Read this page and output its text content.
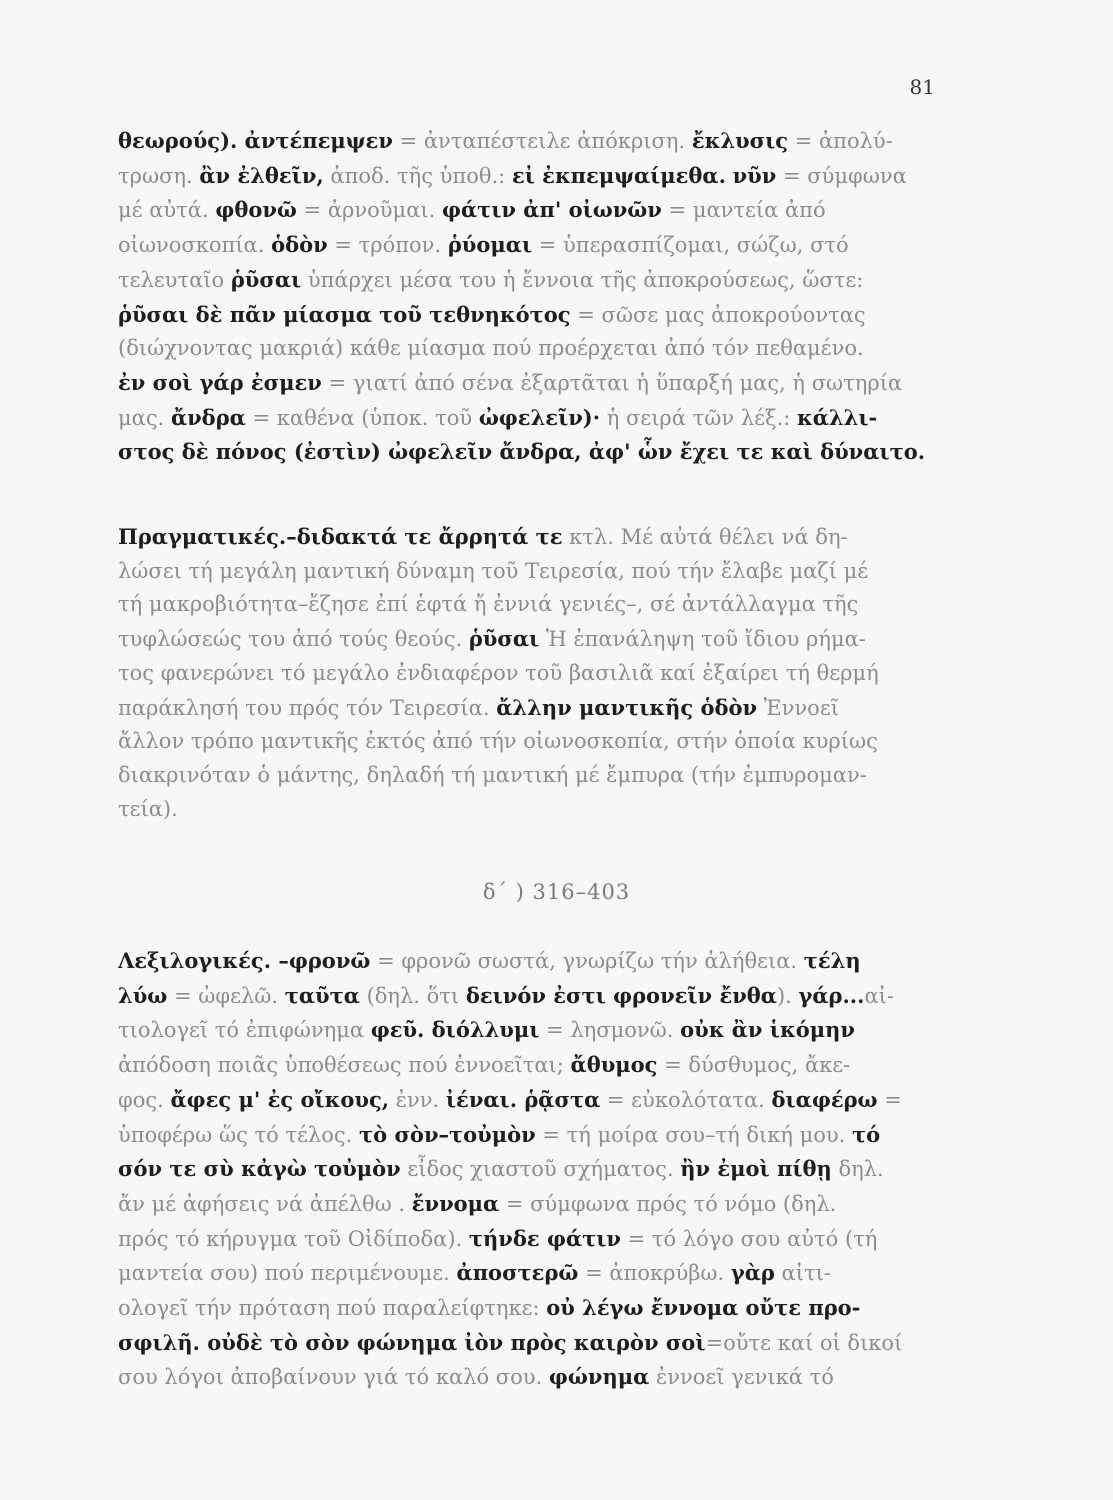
81
θεωρούς). ἀντέπεμψεν = ἀνταπέστειλε ἀπόκριση. ἔκλυσις = ἀπολύ-
τρωση. ἂν ἐλθεῖν, ἀποδ. τῆς ὑποθ.: εἰ ἐκπεμψαίμεθα. νῦν = σύμφωνα
μέ αὐτά. φθονῶ = ἀρνοῦμαι. φάτιν ἀπ' οἰωνῶν = μαντεία ἀπό
οἰωνοσκοπία. ὁδὸν = τρόπον. ῥύομαι = ὑπερασπίζομαι, σώζω, στό
τελευταῖο ῥῦσαι ὑπάρχει μέσα του ἡ ἔννοια τῆς ἀποκρούσεως, ὥστε:
ῥῦσαι δὲ πᾶν μίασμα τοῦ τεθνηκότος = σῶσε μας ἀποκρούοντας
(διώχνοντας μακριά) κάθε μίασμα πού προέρχεται ἀπό τόν πεθαμένο.
ἐν σοὶ γάρ ἐσμεν = γιατί ἀπό σένα ἐξαρτᾶται ἡ ὕπαρξή μας, ἡ σωτηρία
μας. ἄνδρα = καθένα (ὑποκ. τοῦ ὠφελεῖν)· ἡ σειρά τῶν λέξ.: κάλλι-
στος δὲ πόνος (ἐστὶν) ὠφελεῖν ἄνδρα, ἀφ' ὧν ἔχει τε καὶ δύναιτο.
Πραγματικές.–διδακτά τε ἄρρητά τε κτλ. Μέ αὐτά θέλει νά δη-
λώσει τή μεγάλη μαντική δύναμη τοῦ Τειρεσία, πού τήν ἔλαβε μαζί μέ
τή μακροβιότητα–ἔζησε ἐπί ἑφτά ἤ ἐννιά γενιές–, σέ ἀντάλλαγμα τῆς
τυφλώσεώς του ἀπό τούς θεούς. ῥῦσαι Ἡ ἐπανάληψη τοῦ ἴδιου ρήμα-
τος φανερώνει τό μεγάλο ἐνδιαφέρον τοῦ βασιλιᾶ καί ἐξαίρει τή θερμή
παράκλησή του πρός τόν Τειρεσία. ἄλλην μαντικῆς ὁδὸν Ἐννοεῖ
ἄλλον τρόπο μαντικῆς ἐκτός ἀπό τήν οἰωνοσκοπία, στήν ὁποία κυρίως
διακρινόταν ὁ μάντης, δηλαδή τή μαντική μέ ἔμπυρα (τήν ἐμπυρομαν-
τεία).
δ΄ ) 316–403
Λεξιλογικές. –φρονῶ = φρονῶ σωστά, γνωρίζω τήν ἀλήθεια. τέλη
λύω = ὠφελῶ. ταῦτα (δηλ. ὅτι δεινόν ἐστι φρονεῖν ἔνθα). γάρ...αἰ-
τιολογεῖ τό ἐπιφώνημα φεῦ. διόλλυμι = λησμονῶ. οὐκ ἂν ἱκόμην
ἀπόδοση ποιᾶς ὑποθέσεως πού ἐννοεῖται; ἄθυμος = δύσθυμος, ἄκε-
φος. ἄφες μ' ἐς οἴκους, ἐνν. ἰέναι. ῥᾷστα = εὐκολότατα. διαφέρω =
ὑποφέρω ὥς τό τέλος. τὸ σὸν–τοὐμὸν = τή μοίρα σου–τή δική μου. τό
σόν τε σὺ κἀγὼ τοὐμὸν εἶδος χιαστοῦ σχήματος. ἢν ἐμοὶ πίθῃ δηλ.
ἄν μέ ἀφήσεις νά ἀπέλθω . ἔννομα = σύμφωνα πρός τό νόμο (δηλ.
πρός τό κήρυγμα τοῦ Οἰδίποδα). τήνδε φάτιν = τό λόγο σου αὐτό (τή
μαντεία σου) πού περιμένουμε. ἀποστερῶ = ἀποκρύβω. γὰρ αἰτι-
ολογεῖ τήν πρόταση πού παραλείφτηκε: οὐ λέγω ἔννομα οὔτε προ-
σφιλῆ. οὐδὲ τὸ σὸν φώνημα ἰὸν πρὸς καιρὸν σοὶ=οὔτε καί οἱ δικοί
σου λόγοι ἀποβαίνουν γιά τό καλό σου. φώνημα ἐννοεῖ γενικά τό
